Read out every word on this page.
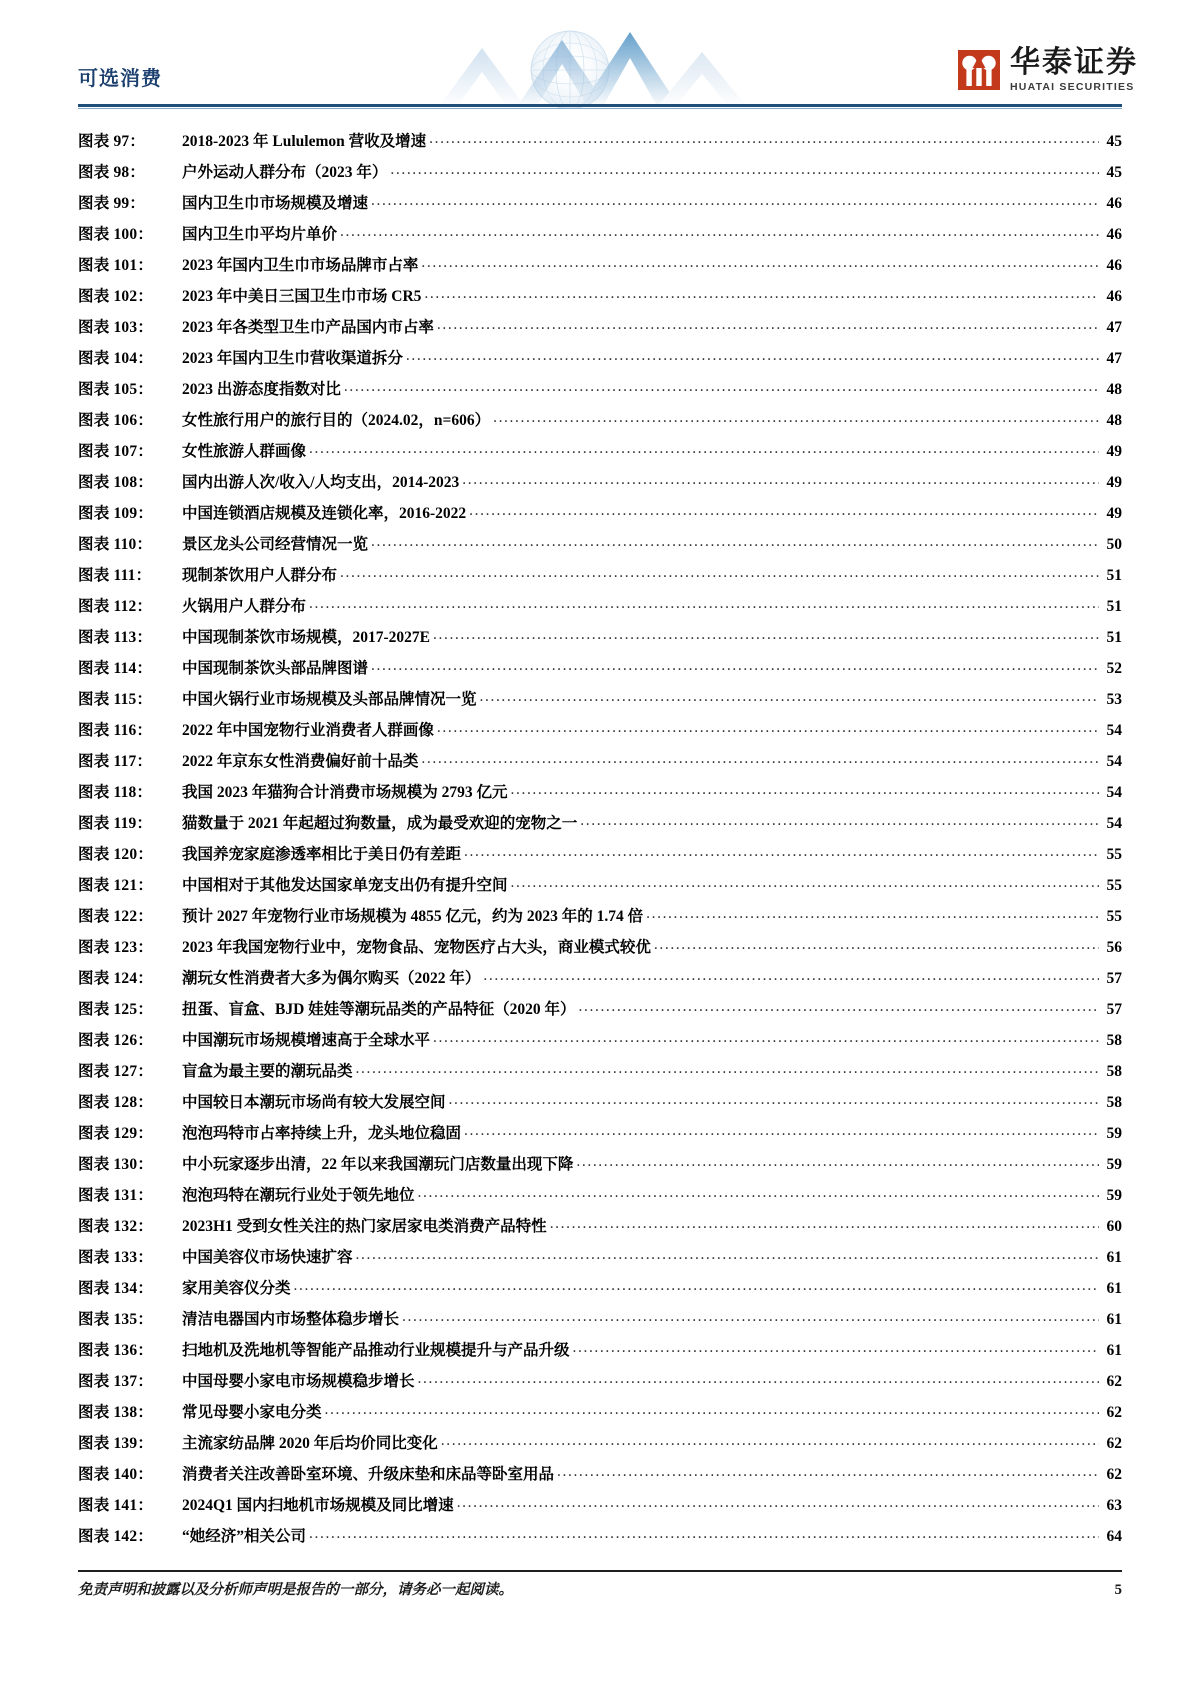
可选消费	华泰证券
HUATAI SECURITIES
图表 97：	2018-2023 年 Lululemon 营收及增速 .....	45
图表 98：	户外运动人群分布（2023 年） .....	45
图表 99：	国内卫生巾市场规模及增速 .....	46
图表 100：	国内卫生巾平均片单价 .....	46
图表 101：	2023 年国内卫生巾市场品牌市占率 .....	46
图表 102：	2023 年中美日三国卫生巾市场 CR5 .....	46
图表 103：	2023 年各类型卫生巾产品国内市占率 .....	47
图表 104：	2023 年国内卫生巾营收渠道拆分 .....	47
图表 105：	2023 出游态度指数对比 .....	48
图表 106：	女性旅行用户的旅行目的（2024.02，n=606） .....	48
图表 107：	女性旅游人群画像 .....	49
图表 108：	国内出游人次/收入/人均支出，2014-2023 .....	49
图表 109：	中国连锁酒店规模及连锁化率，2016-2022 .....	49
图表 110：	景区龙头公司经营情况一览 .....	50
图表 111：	现制茶饮用户人群分布 .....	51
图表 112：	火锅用户人群分布 .....	51
图表 113：	中国现制茶饮市场规模，2017-2027E .....	51
图表 114：	中国现制茶饮头部品牌图谱 .....	52
图表 115：	中国火锅行业市场规模及头部品牌情况一览 .....	53
图表 116：	2022 年中国宠物行业消费者人群画像 .....	54
图表 117：	2022 年京东女性消费偏好前十品类 .....	54
图表 118：	我国 2023 年猫狗合计消费市场规模为 2793 亿元 .....	54
图表 119：	猫数量于 2021 年起超过狗数量，成为最受欢迎的宠物之一 .....	54
图表 120：	我国养宠家庭渗透率相比于美日仍有差距 .....	55
图表 121：	中国相对于其他发达国家单宠支出仍有提升空间 .....	55
图表 122：	预计 2027 年宠物行业市场规模为 4855 亿元，约为 2023 年的 1.74 倍 .....	55
图表 123：	2023 年我国宠物行业中，宠物食品、宠物医疗占大头，商业模式较优 .....	56
图表 124：	潮玩女性消费者大多为偶尔购买（2022 年） .....	57
图表 125：	扭蛋、盲盒、BJD 娃娃等潮玩品类的产品特征（2020 年） .....	57
图表 126：	中国潮玩市场规模增速高于全球水平 .....	58
图表 127：	盲盒为最主要的潮玩品类 .....	58
图表 128：	中国较日本潮玩市场尚有较大发展空间 .....	58
图表 129：	泡泡玛特市占率持续上升，龙头地位稳固 .....	59
图表 130：	中小玩家逐步出清，22 年以来我国潮玩门店数量出现下降 .....	59
图表 131：	泡泡玛特在潮玩行业处于领先地位 .....	59
图表 132：	2023H1 受到女性关注的热门家居家电类消费产品特性 .....	60
图表 133：	中国美容仪市场快速扩容 .....	61
图表 134：	家用美容仪分类 .....	61
图表 135：	清洁电器国内市场整体稳步增长 .....	61
图表 136：	扫地机及洗地机等智能产品推动行业规模提升与产品升级 .....	61
图表 137：	中国母婴小家电市场规模稳步增长 .....	62
图表 138：	常见母婴小家电分类 .....	62
图表 139：	主流家纺品牌 2020 年后均价同比变化 .....	62
图表 140：	消费者关注改善卧室环境、升级床垫和床品等卧室用品 .....	62
图表 141：	2024Q1 国内扫地机市场规模及同比增速 .....	63
图表 142：	“她经济”相关公司 .....	64
免责声明和披露以及分析师声明是报告的一部分，请务必一起阅读。	5
